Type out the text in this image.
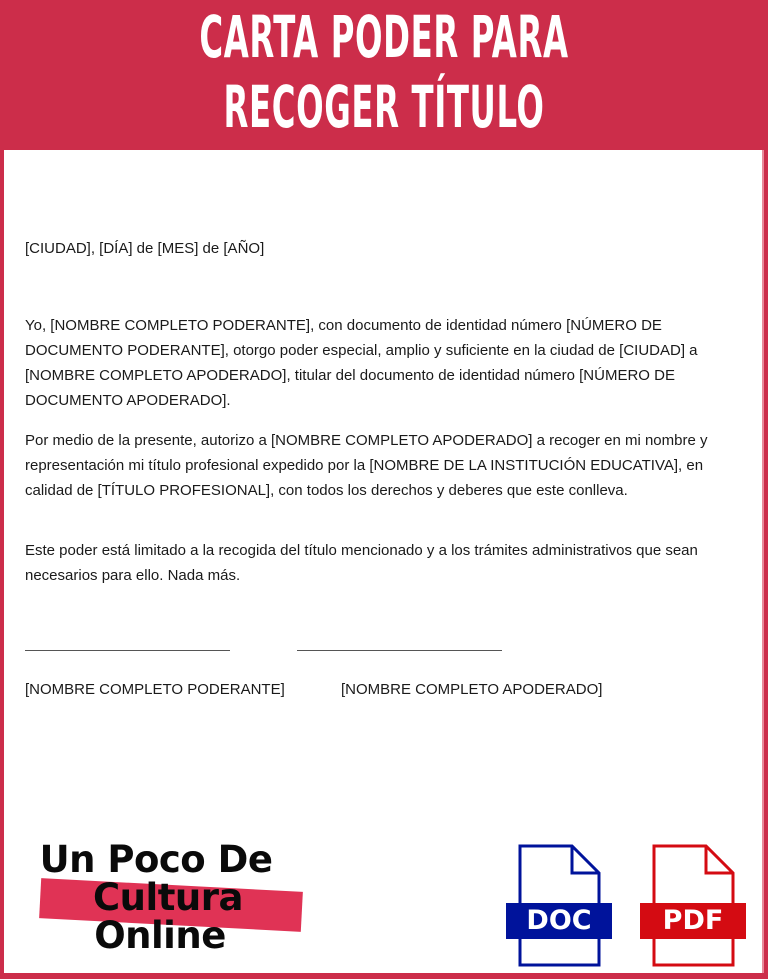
CARTA PODER PARA
RECOGER TÍTULO
[CIUDAD], [DÍA] de [MES] de [AÑO]

Yo, [NOMBRE COMPLETO PODERANTE], con documento de identidad número [NÚMERO DE DOCUMENTO PODERANTE], otorgo poder especial, amplio y suficiente en la ciudad de [CIUDAD] a [NOMBRE COMPLETO APODERADO], titular del documento de identidad número [NÚMERO DE DOCUMENTO APODERADO].

Por medio de la presente, autorizo a [NOMBRE COMPLETO APODERADO] a recoger en mi nombre y representación mi título profesional expedido por la [NOMBRE DE LA INSTITUCIÓN EDUCATIVA], en calidad de [TÍTULO PROFESIONAL], con todos los derechos y deberes que este conlleva.

Este poder está limitado a la recogida del título mencionado y a los trámites administrativos que sean necesarios para ello. Nada más.

[NOMBRE COMPLETO PODERANTE]	[NOMBRE COMPLETO APODERADO]
Un Poco De
Cultura
Online	DOC	PDF
